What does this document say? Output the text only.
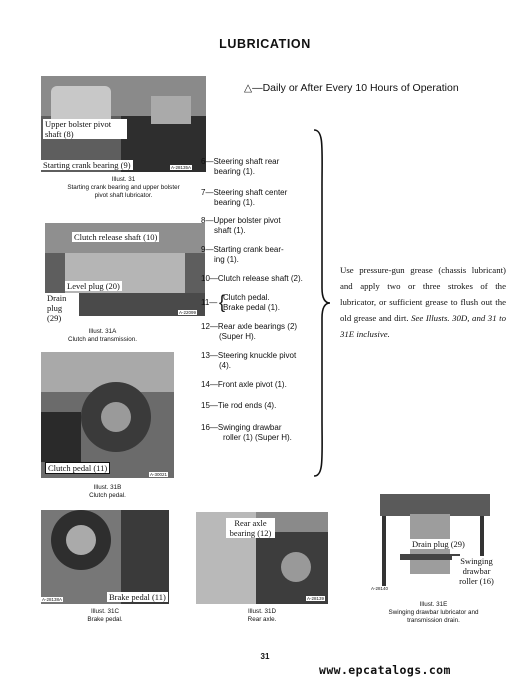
LUBRICATION
△—Daily or After Every 10 Hours of Operation
Upper bolster pivot shaft (8)
Starting crank bearing (9)	A-28135A
Illust. 31
Starting crank bearing and upper bolster pivot shaft lubricator.
Clutch release shaft (10)
Level plug (20)
Drain plug (29)
A-22099
Illust. 31A
Clutch and transmission.
Clutch pedal (11)
A-30021
Illust. 31B
Clutch pedal.
Brake pedal (11)
A-28138A
Illust. 31C
Brake pedal.
Rear axle bearing (12)
A-28139
Illust. 31D
Rear axle.
Drain plug (29)
Swinging drawbar roller (16)
A-28140
Illust. 31E
Swinging drawbar lubricator and transmission drain.
6—Steering shaft rear
bearing (1).
7—Steering shaft center
bearing (1).
8—Upper bolster pivot
shaft (1).
9—Starting crank bear-
ing (1).
10—Clutch release shaft (2).
11— {
Clutch pedal.
Brake pedal (1).
12—Rear axle bearings (2)
(Super H).
13—Steering knuckle pivot
(4).
14—Front axle pivot (1).
15—Tie rod ends (4).
16—Swinging drawbar
roller (1) (Super H).
Use pressure-gun grease (chassis lubricant) and apply two or three strokes of the lubricator, or sufficient grease to flush out the old grease and dirt. See Illusts. 30D, and 31 to 31E inclusive.
31
www.epcatalogs.com
